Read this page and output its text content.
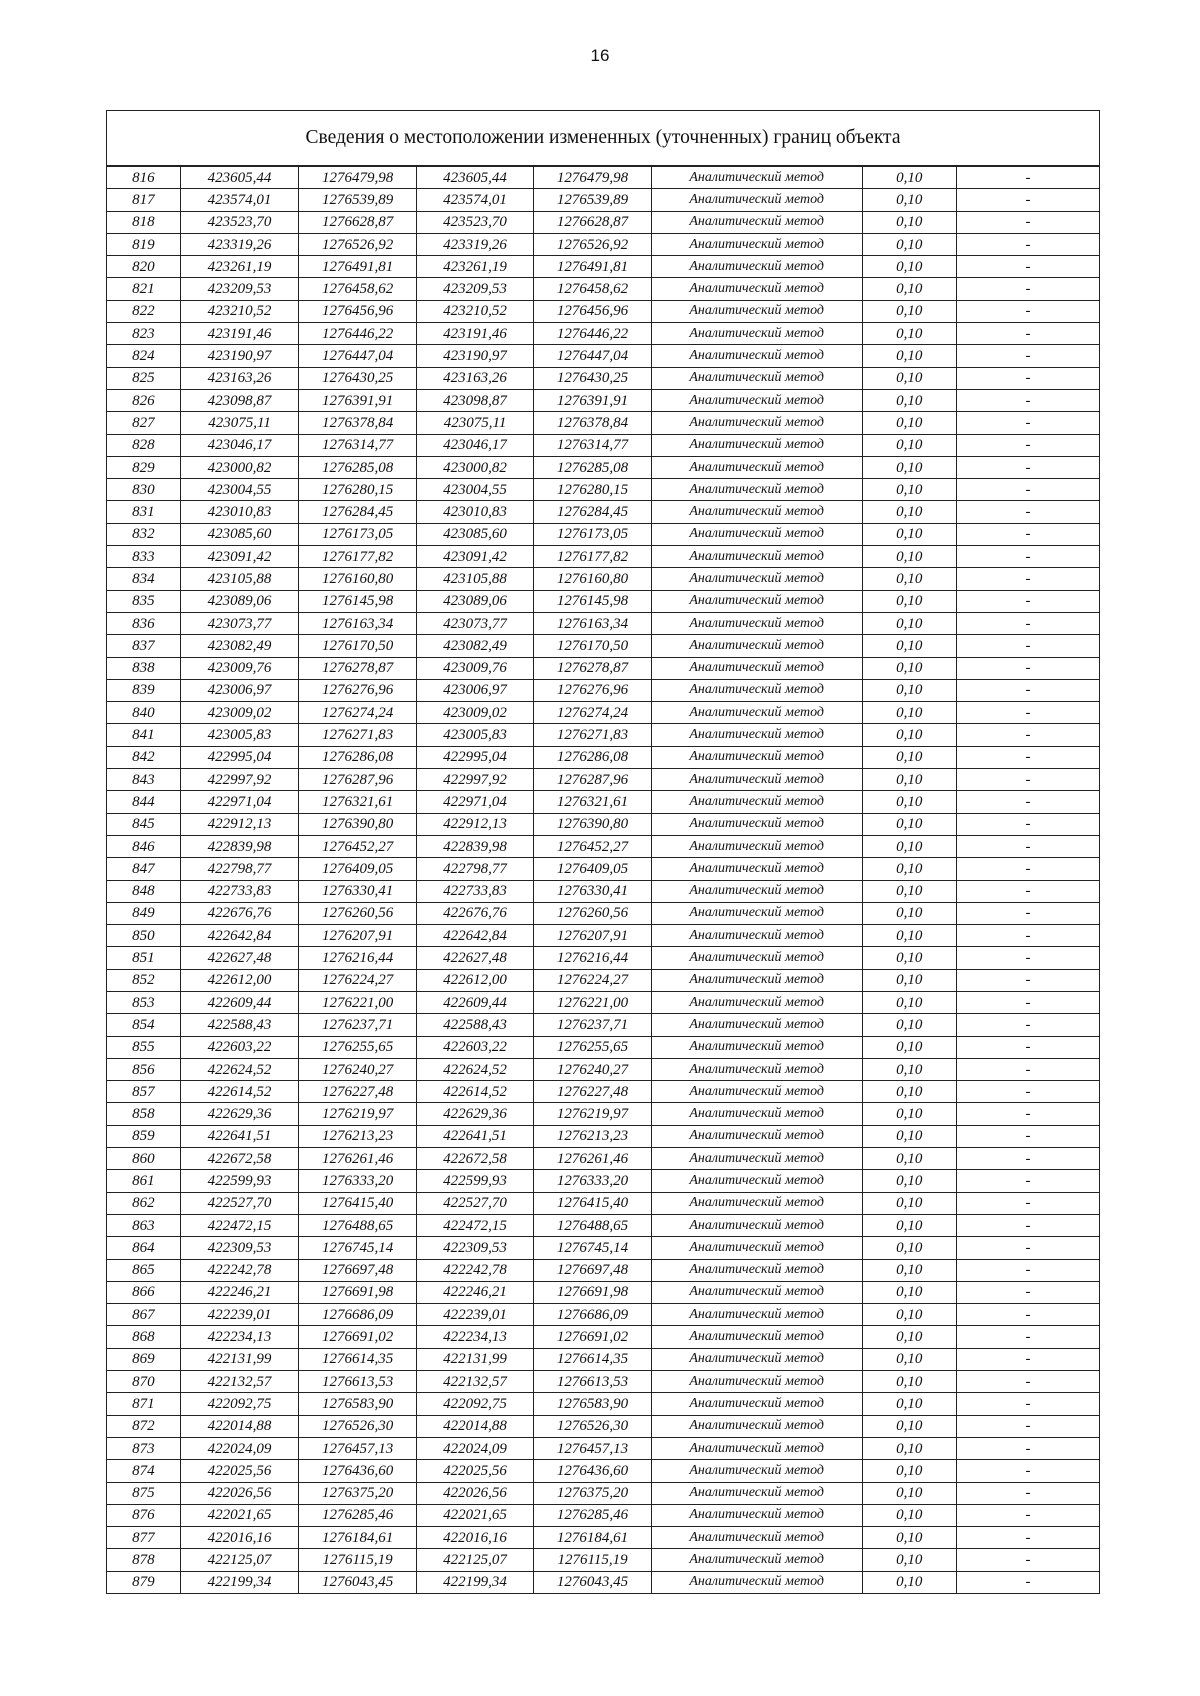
16
Сведения о местоположении измененных (уточненных) границ объекта							
816	423605,44	1276479,98	423605,44	1276479,98	Аналитический метод	0,10	-
817	423574,01	1276539,89	423574,01	1276539,89	Аналитический метод	0,10	-
818	423523,70	1276628,87	423523,70	1276628,87	Аналитический метод	0,10	-
819	423319,26	1276526,92	423319,26	1276526,92	Аналитический метод	0,10	-
820	423261,19	1276491,81	423261,19	1276491,81	Аналитический метод	0,10	-
821	423209,53	1276458,62	423209,53	1276458,62	Аналитический метод	0,10	-
822	423210,52	1276456,96	423210,52	1276456,96	Аналитический метод	0,10	-
823	423191,46	1276446,22	423191,46	1276446,22	Аналитический метод	0,10	-
824	423190,97	1276447,04	423190,97	1276447,04	Аналитический метод	0,10	-
825	423163,26	1276430,25	423163,26	1276430,25	Аналитический метод	0,10	-
826	423098,87	1276391,91	423098,87	1276391,91	Аналитический метод	0,10	-
827	423075,11	1276378,84	423075,11	1276378,84	Аналитический метод	0,10	-
828	423046,17	1276314,77	423046,17	1276314,77	Аналитический метод	0,10	-
829	423000,82	1276285,08	423000,82	1276285,08	Аналитический метод	0,10	-
830	423004,55	1276280,15	423004,55	1276280,15	Аналитический метод	0,10	-
831	423010,83	1276284,45	423010,83	1276284,45	Аналитический метод	0,10	-
832	423085,60	1276173,05	423085,60	1276173,05	Аналитический метод	0,10	-
833	423091,42	1276177,82	423091,42	1276177,82	Аналитический метод	0,10	-
834	423105,88	1276160,80	423105,88	1276160,80	Аналитический метод	0,10	-
835	423089,06	1276145,98	423089,06	1276145,98	Аналитический метод	0,10	-
836	423073,77	1276163,34	423073,77	1276163,34	Аналитический метод	0,10	-
837	423082,49	1276170,50	423082,49	1276170,50	Аналитический метод	0,10	-
838	423009,76	1276278,87	423009,76	1276278,87	Аналитический метод	0,10	-
839	423006,97	1276276,96	423006,97	1276276,96	Аналитический метод	0,10	-
840	423009,02	1276274,24	423009,02	1276274,24	Аналитический метод	0,10	-
841	423005,83	1276271,83	423005,83	1276271,83	Аналитический метод	0,10	-
842	422995,04	1276286,08	422995,04	1276286,08	Аналитический метод	0,10	-
843	422997,92	1276287,96	422997,92	1276287,96	Аналитический метод	0,10	-
844	422971,04	1276321,61	422971,04	1276321,61	Аналитический метод	0,10	-
845	422912,13	1276390,80	422912,13	1276390,80	Аналитический метод	0,10	-
846	422839,98	1276452,27	422839,98	1276452,27	Аналитический метод	0,10	-
847	422798,77	1276409,05	422798,77	1276409,05	Аналитический метод	0,10	-
848	422733,83	1276330,41	422733,83	1276330,41	Аналитический метод	0,10	-
849	422676,76	1276260,56	422676,76	1276260,56	Аналитический метод	0,10	-
850	422642,84	1276207,91	422642,84	1276207,91	Аналитический метод	0,10	-
851	422627,48	1276216,44	422627,48	1276216,44	Аналитический метод	0,10	-
852	422612,00	1276224,27	422612,00	1276224,27	Аналитический метод	0,10	-
853	422609,44	1276221,00	422609,44	1276221,00	Аналитический метод	0,10	-
854	422588,43	1276237,71	422588,43	1276237,71	Аналитический метод	0,10	-
855	422603,22	1276255,65	422603,22	1276255,65	Аналитический метод	0,10	-
856	422624,52	1276240,27	422624,52	1276240,27	Аналитический метод	0,10	-
857	422614,52	1276227,48	422614,52	1276227,48	Аналитический метод	0,10	-
858	422629,36	1276219,97	422629,36	1276219,97	Аналитический метод	0,10	-
859	422641,51	1276213,23	422641,51	1276213,23	Аналитический метод	0,10	-
860	422672,58	1276261,46	422672,58	1276261,46	Аналитический метод	0,10	-
861	422599,93	1276333,20	422599,93	1276333,20	Аналитический метод	0,10	-
862	422527,70	1276415,40	422527,70	1276415,40	Аналитический метод	0,10	-
863	422472,15	1276488,65	422472,15	1276488,65	Аналитический метод	0,10	-
864	422309,53	1276745,14	422309,53	1276745,14	Аналитический метод	0,10	-
865	422242,78	1276697,48	422242,78	1276697,48	Аналитический метод	0,10	-
866	422246,21	1276691,98	422246,21	1276691,98	Аналитический метод	0,10	-
867	422239,01	1276686,09	422239,01	1276686,09	Аналитический метод	0,10	-
868	422234,13	1276691,02	422234,13	1276691,02	Аналитический метод	0,10	-
869	422131,99	1276614,35	422131,99	1276614,35	Аналитический метод	0,10	-
870	422132,57	1276613,53	422132,57	1276613,53	Аналитический метод	0,10	-
871	422092,75	1276583,90	422092,75	1276583,90	Аналитический метод	0,10	-
872	422014,88	1276526,30	422014,88	1276526,30	Аналитический метод	0,10	-
873	422024,09	1276457,13	422024,09	1276457,13	Аналитический метод	0,10	-
874	422025,56	1276436,60	422025,56	1276436,60	Аналитический метод	0,10	-
875	422026,56	1276375,20	422026,56	1276375,20	Аналитический метод	0,10	-
876	422021,65	1276285,46	422021,65	1276285,46	Аналитический метод	0,10	-
877	422016,16	1276184,61	422016,16	1276184,61	Аналитический метод	0,10	-
878	422125,07	1276115,19	422125,07	1276115,19	Аналитический метод	0,10	-
879	422199,34	1276043,45	422199,34	1276043,45	Аналитический метод	0,10	-
